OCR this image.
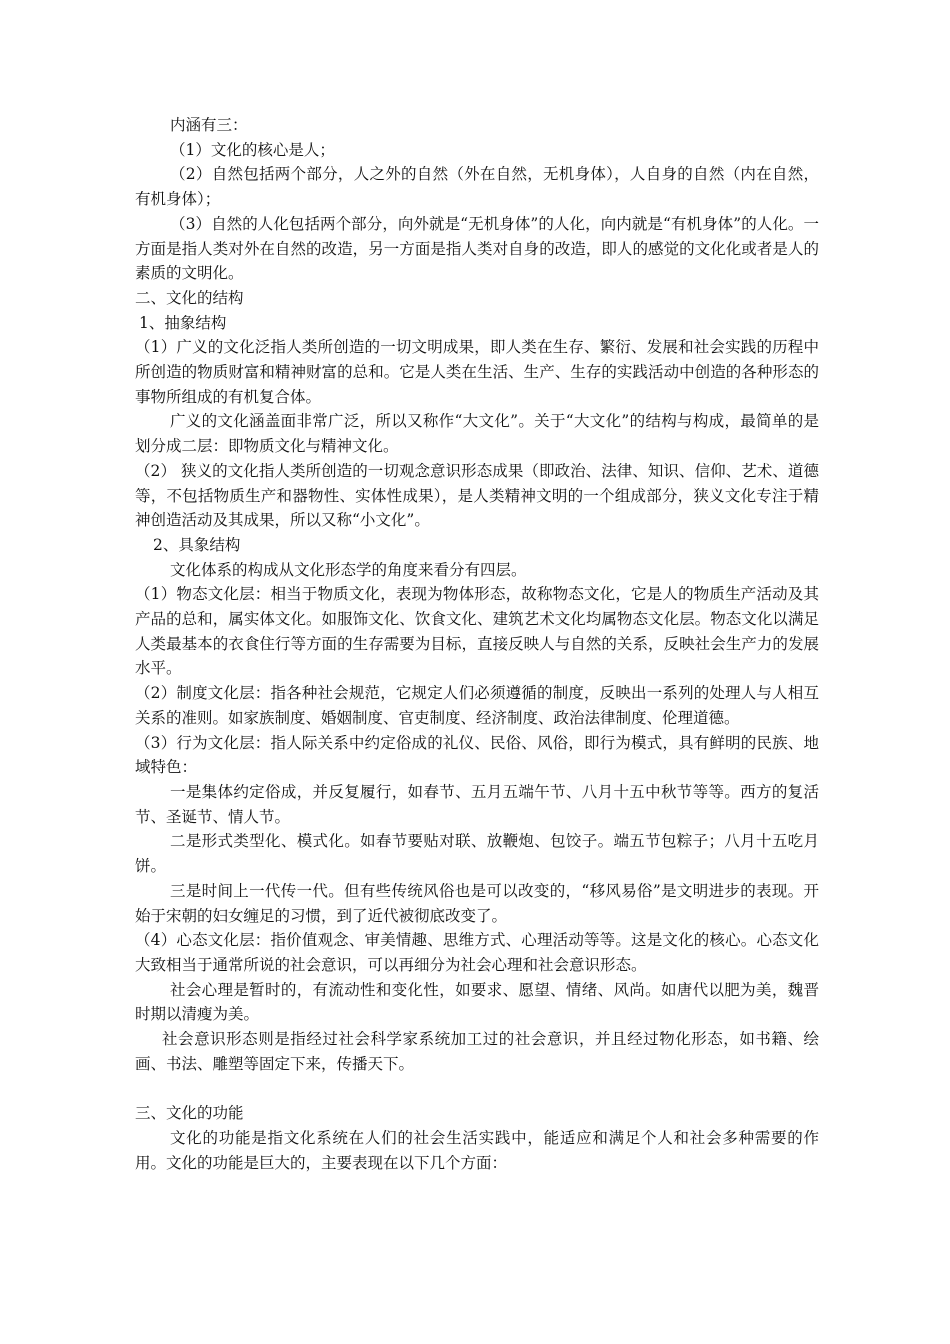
内涵有三：

（1）文化的核心是人；

（2）自然包括两个部分，人之外的自然（外在自然，无机身体），人自身的自然（内在自然，有机身体）；

（3）自然的人化包括两个部分，向外就是“无机身体”的人化，向内就是“有机身体”的人化。一方面是指人类对外在自然的改造，另一方面是指人类对自身的改造，即人的感觉的文化化或者是人的素质的文明化。

二、文化的结构

1、抽象结构

（1）广义的文化泛指人类所创造的一切文明成果，即人类在生存、繁衍、发展和社会实践的历程中所创造的物质财富和精神财富的总和。它是人类在生活、生产、生存的实践活动中创造的各种形态的事物所组成的有机复合体。

广义的文化涵盖面非常广泛，所以又称作“大文化”。关于“大文化”的结构与构成，最简单的是划分成二层：即物质文化与精神文化。

（2） 狭义的文化指人类所创造的一切观念意识形态成果（即政治、法律、知识、信仰、艺术、道德等，不包括物质生产和器物性、实体性成果），是人类精神文明的一个组成部分，狭义文化专注于精神创造活动及其成果，所以又称“小文化”。

2、具象结构

文化体系的构成从文化形态学的角度来看分有四层。

（1）物态文化层：相当于物质文化，表现为物体形态，故称物态文化，它是人的物质生产活动及其产品的总和，属实体文化。如服饰文化、饮食文化、建筑艺术文化均属物态文化层。物态文化以满足人类最基本的衣食住行等方面的生存需要为目标，直接反映人与自然的关系，反映社会生产力的发展水平。

（2）制度文化层：指各种社会规范，它规定人们必须遵循的制度，反映出一系列的处理人与人相互关系的准则。如家族制度、婚姻制度、官吏制度、经济制度、政治法律制度、伦理道德。

（3）行为文化层：指人际关系中约定俗成的礼仪、民俗、风俗，即行为模式，具有鲜明的民族、地域特色：

一是集体约定俗成，并反复履行，如春节、五月五端午节、八月十五中秋节等等。西方的复活节、圣诞节、情人节。

二是形式类型化、模式化。如春节要贴对联、放鞭炮、包饺子。端五节包粽子；八月十五吃月饼。

三是时间上一代传一代。但有些传统风俗也是可以改变的，“移风易俗”是文明进步的表现。开始于宋朝的妇女缠足的习惯，到了近代被彻底改变了。

（4）心态文化层：指价值观念、审美情趣、思维方式、心理活动等等。这是文化的核心。心态文化大致相当于通常所说的社会意识，可以再细分为社会心理和社会意识形态。

社会心理是暂时的，有流动性和变化性，如要求、愿望、情绪、风尚。如唐代以肥为美，魏晋时期以清瘦为美。

社会意识形态则是指经过社会科学家系统加工过的社会意识，并且经过物化形态，如书籍、绘画、书法、雕塑等固定下来，传播天下。

三、文化的功能

文化的功能是指文化系统在人们的社会生活实践中，能适应和满足个人和社会多种需要的作用。文化的功能是巨大的，主要表现在以下几个方面：
